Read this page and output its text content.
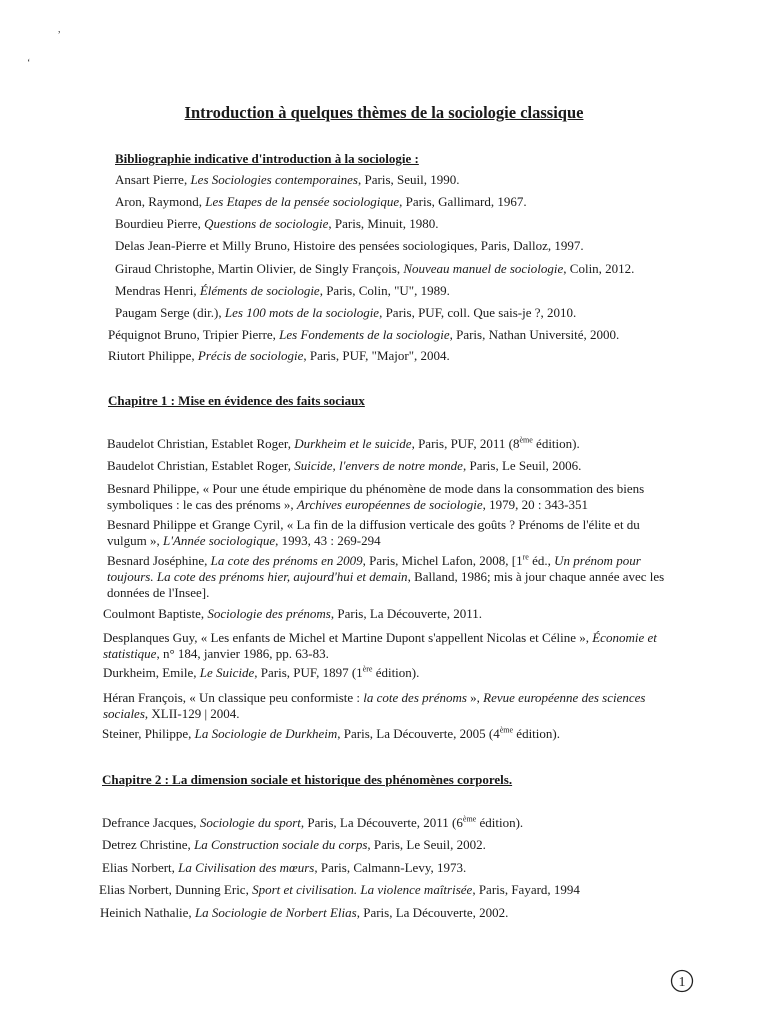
,
‘
Introduction à quelques thèmes de la sociologie classique
Bibliographie indicative d'introduction à la sociologie :
Ansart Pierre, Les Sociologies contemporaines, Paris, Seuil, 1990.
Aron, Raymond, Les Etapes de la pensée sociologique, Paris, Gallimard, 1967.
Bourdieu Pierre, Questions de sociologie, Paris, Minuit, 1980.
Delas Jean-Pierre et Milly Bruno, Histoire des pensées sociologiques, Paris, Dalloz, 1997.
Giraud Christophe, Martin Olivier, de Singly François, Nouveau manuel de sociologie, Colin, 2012.
Mendras Henri, Éléments de sociologie, Paris, Colin, "U", 1989.
Paugam Serge (dir.), Les 100 mots de la sociologie, Paris, PUF, coll. Que sais-je ?, 2010.
Péquignot Bruno, Tripier Pierre, Les Fondements de la sociologie, Paris, Nathan Université, 2000.
Riutort Philippe, Précis de sociologie, Paris, PUF, "Major", 2004.
Chapitre 1 : Mise en évidence des faits sociaux
Baudelot Christian, Establet Roger, Durkheim et le suicide, Paris, PUF, 2011 (8ème édition).
Baudelot Christian, Establet Roger, Suicide, l'envers de notre monde, Paris, Le Seuil, 2006.
Besnard Philippe, « Pour une étude empirique du phénomène de mode dans la consommation des biens symboliques : le cas des prénoms », Archives européennes de sociologie, 1979, 20 : 343-351
Besnard Philippe et Grange Cyril, « La fin de la diffusion verticale des goûts ? Prénoms de l'élite et du vulgum », L'Année sociologique, 1993, 43 : 269-294
Besnard Joséphine, La cote des prénoms en 2009, Paris, Michel Lafon, 2008, [1re éd., Un prénom pour toujours. La cote des prénoms hier, aujourd'hui et demain, Balland, 1986; mis à jour chaque année avec les données de l'Insee].
Coulmont Baptiste, Sociologie des prénoms, Paris, La Découverte, 2011.
Desplanques Guy, « Les enfants de Michel et Martine Dupont s'appellent Nicolas et Céline », Économie et statistique, n° 184, janvier 1986, pp. 63-83.
Durkheim, Emile, Le Suicide, Paris, PUF, 1897 (1ère édition).
Héran François, « Un classique peu conformiste : la cote des prénoms », Revue européenne des sciences sociales, XLII-129 | 2004.
Steiner, Philippe, La Sociologie de Durkheim, Paris, La Découverte, 2005 (4ème édition).
Chapitre 2 : La dimension sociale et historique des phénomènes corporels.
Defrance Jacques, Sociologie du sport, Paris, La Découverte, 2011 (6ème édition).
Detrez Christine, La Construction sociale du corps, Paris, Le Seuil, 2002.
Elias Norbert, La Civilisation des mœurs, Paris, Calmann-Levy, 1973.
Elias Norbert, Dunning Eric, Sport et civilisation. La violence maîtrisée, Paris, Fayard, 1994
Heinich Nathalie, La Sociologie de Norbert Elias, Paris, La Découverte, 2002.
1
